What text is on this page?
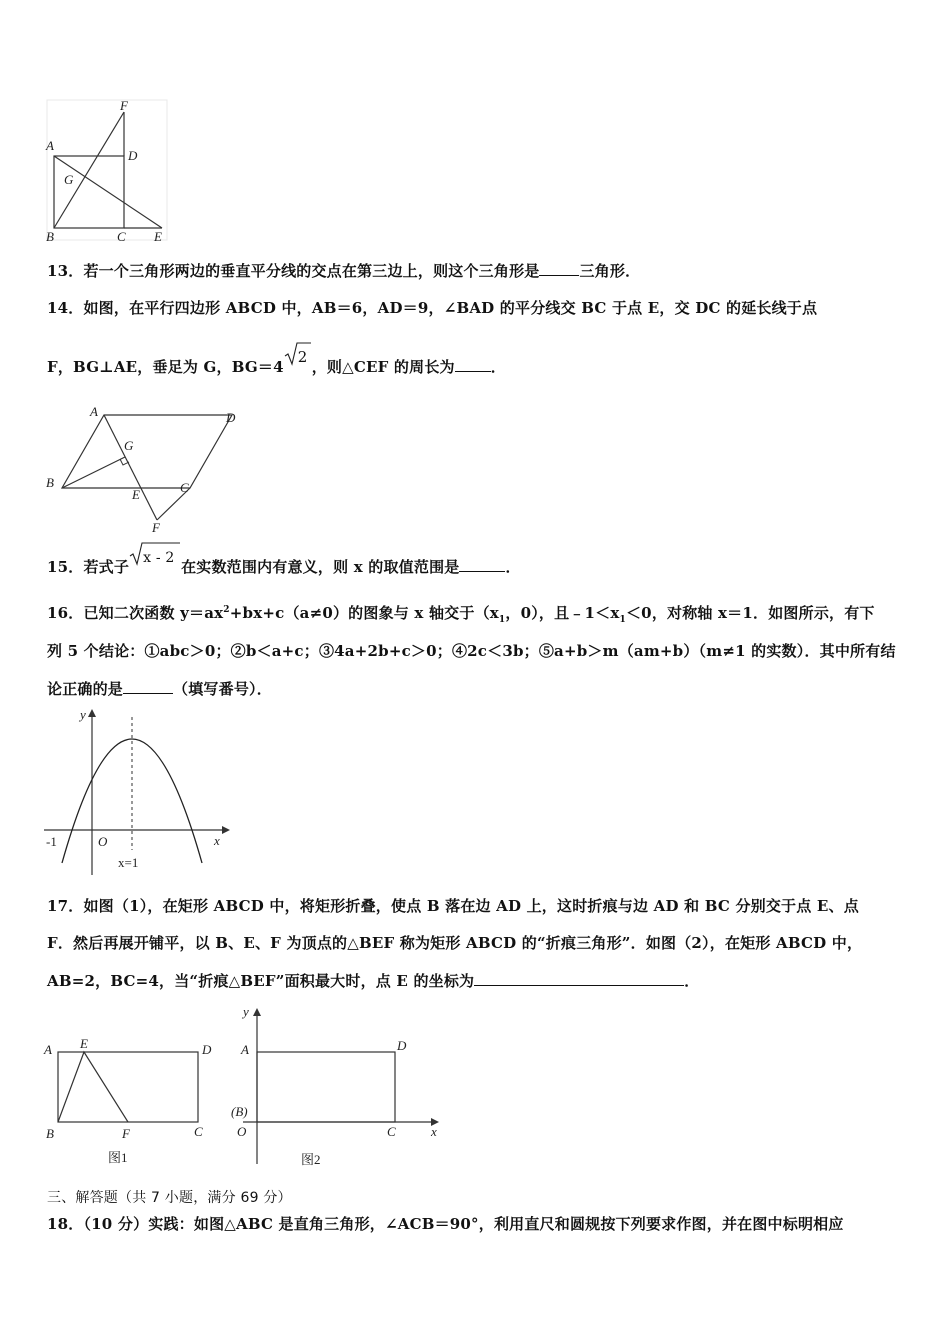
F
A
D
G
B	C E
13．若一个三角形两边的垂直平分线的交点在第三边上，则这个三角形是	三角形．
14．如图，在平行四边形 ABCD 中，AB＝6，AD＝9，∠BAD 的平分线交 BC 于点 E，交 DC 的延长线于点
F，BG⊥AE，垂足为 G，BG＝4
2，则△CEF 的周长为 ．
A	D
G
B
E	C
F
15．若式子 x - 2 在实数范围内有意义，则 x 的取值范围是	．
16．已知二次函数 $y=ax^2+bx+c(a\ne 0)$的图象与 x 轴交于（$x_1$，0），且$﹣1<x_1<0$，对称轴 x＝1．如图所示，有下
列 5 个结论：①abc＞0；②b＜a+c；③4a+2b+c＞0；④2c＜3b；⑤a+b＞m（am+b）（m≠1 的实数）．其中所有结
论正确的是	（填写番号）．
y
x
O
-1
x=1
17．如图（1），在矩形 ABCD 中，将矩形折叠，使点 B 落在边 AD 上，这时折痕与边 AD 和 BC 分别交于点 E、点
F．然后再展开铺平，以 B、E、F 为顶点的△BEF 称为矩形 ABCD 的“折痕三角形”．如图（2），在矩形 ABCD 中，
AB=2，BC=4，当“折痕△BEF”面积最大时，点 E 的坐标为	．
A E	D
B	F	C
图1
y
A	D
(B)
O	C	x
图2
三、解答题（共 7 小题，满分 69 分）
18．（10 分）实践：如图△ABC 是直角三角形，∠ACB＝90°，利用直尺和圆规按下列要求作图，并在图中标明相应
